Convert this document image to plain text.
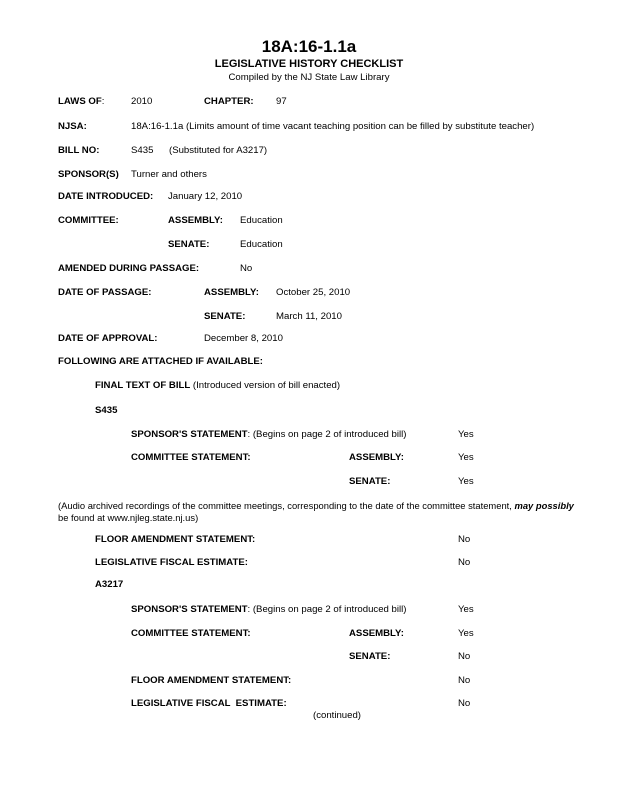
18A:16-1.1a
LEGISLATIVE HISTORY CHECKLIST
Compiled by the NJ State Law Library
LAWS OF:	2010	CHAPTER: 97
NJSA:	18A:16-1.1a (Limits amount of time vacant teaching position can be filled by substitute teacher)
BILL NO:	S435 (Substituted for A3217)
SPONSOR(S) Turner and others
DATE INTRODUCED: January 12, 2010
COMMITTEE:	ASSEMBLY: Education
SENATE:	Education
AMENDED DURING PASSAGE:	No
DATE OF PASSAGE:	ASSEMBLY: October 25, 2010
SENATE:	March 11, 2010
DATE OF APPROVAL:	December 8, 2010
FOLLOWING ARE ATTACHED IF AVAILABLE:
FINAL TEXT OF BILL (Introduced version of bill enacted)
S435
SPONSOR'S STATEMENT: (Begins on page 2 of introduced bill)	Yes
COMMITTEE STATEMENT:	ASSEMBLY:	Yes
SENATE:	Yes
(Audio archived recordings of the committee meetings, corresponding to the date of the committee statement, may possibly
be found at www.njleg.state.nj.us)
FLOOR AMENDMENT STATEMENT:	No
LEGISLATIVE FISCAL ESTIMATE:	No
A3217
SPONSOR'S STATEMENT: (Begins on page 2 of introduced bill)	Yes
COMMITTEE STATEMENT:	ASSEMBLY:	Yes
SENATE:	No
FLOOR AMENDMENT STATEMENT:	No
LEGISLATIVE FISCAL  ESTIMATE:	No
(continued)
